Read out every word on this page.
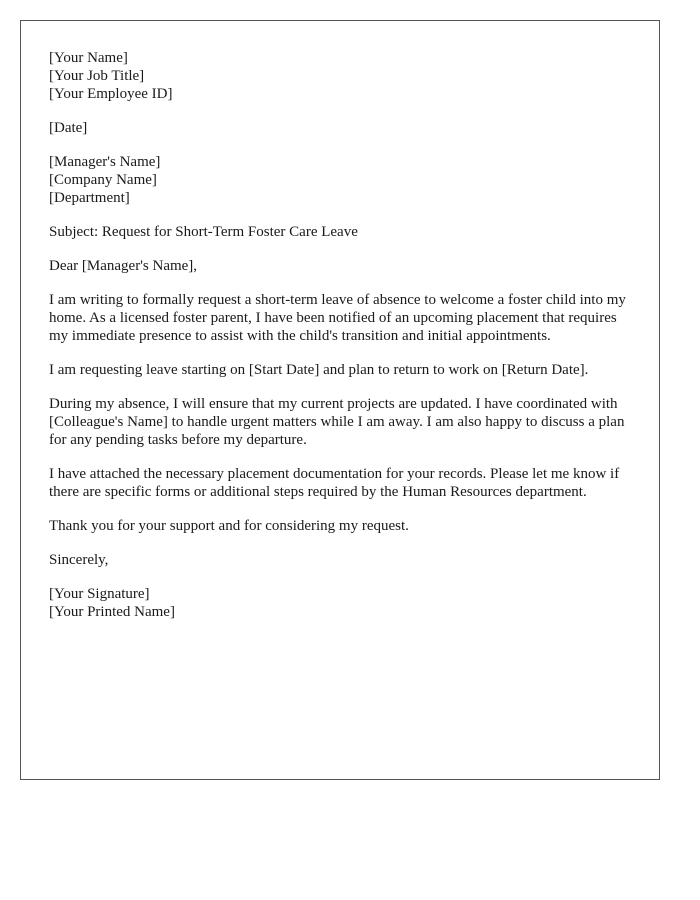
[Your Name]
[Your Job Title]
[Your Employee ID]
[Date]
[Manager's Name]
[Company Name]
[Department]

Subject: Request for Short-Term Foster Care Leave

Dear [Manager's Name],

I am writing to formally request a short-term leave of absence to welcome a foster child into my home. As a licensed foster parent, I have been notified of an upcoming placement that requires my immediate presence to assist with the child's transition and initial appointments.

I am requesting leave starting on [Start Date] and plan to return to work on [Return Date].

During my absence, I will ensure that my current projects are updated. I have coordinated with [Colleague's Name] to handle urgent matters while I am away. I am also happy to discuss a plan for any pending tasks before my departure.

I have attached the necessary placement documentation for your records. Please let me know if there are specific forms or additional steps required by the Human Resources department.

Thank you for your support and for considering my request.

Sincerely,

[Your Signature]
[Your Printed Name]
